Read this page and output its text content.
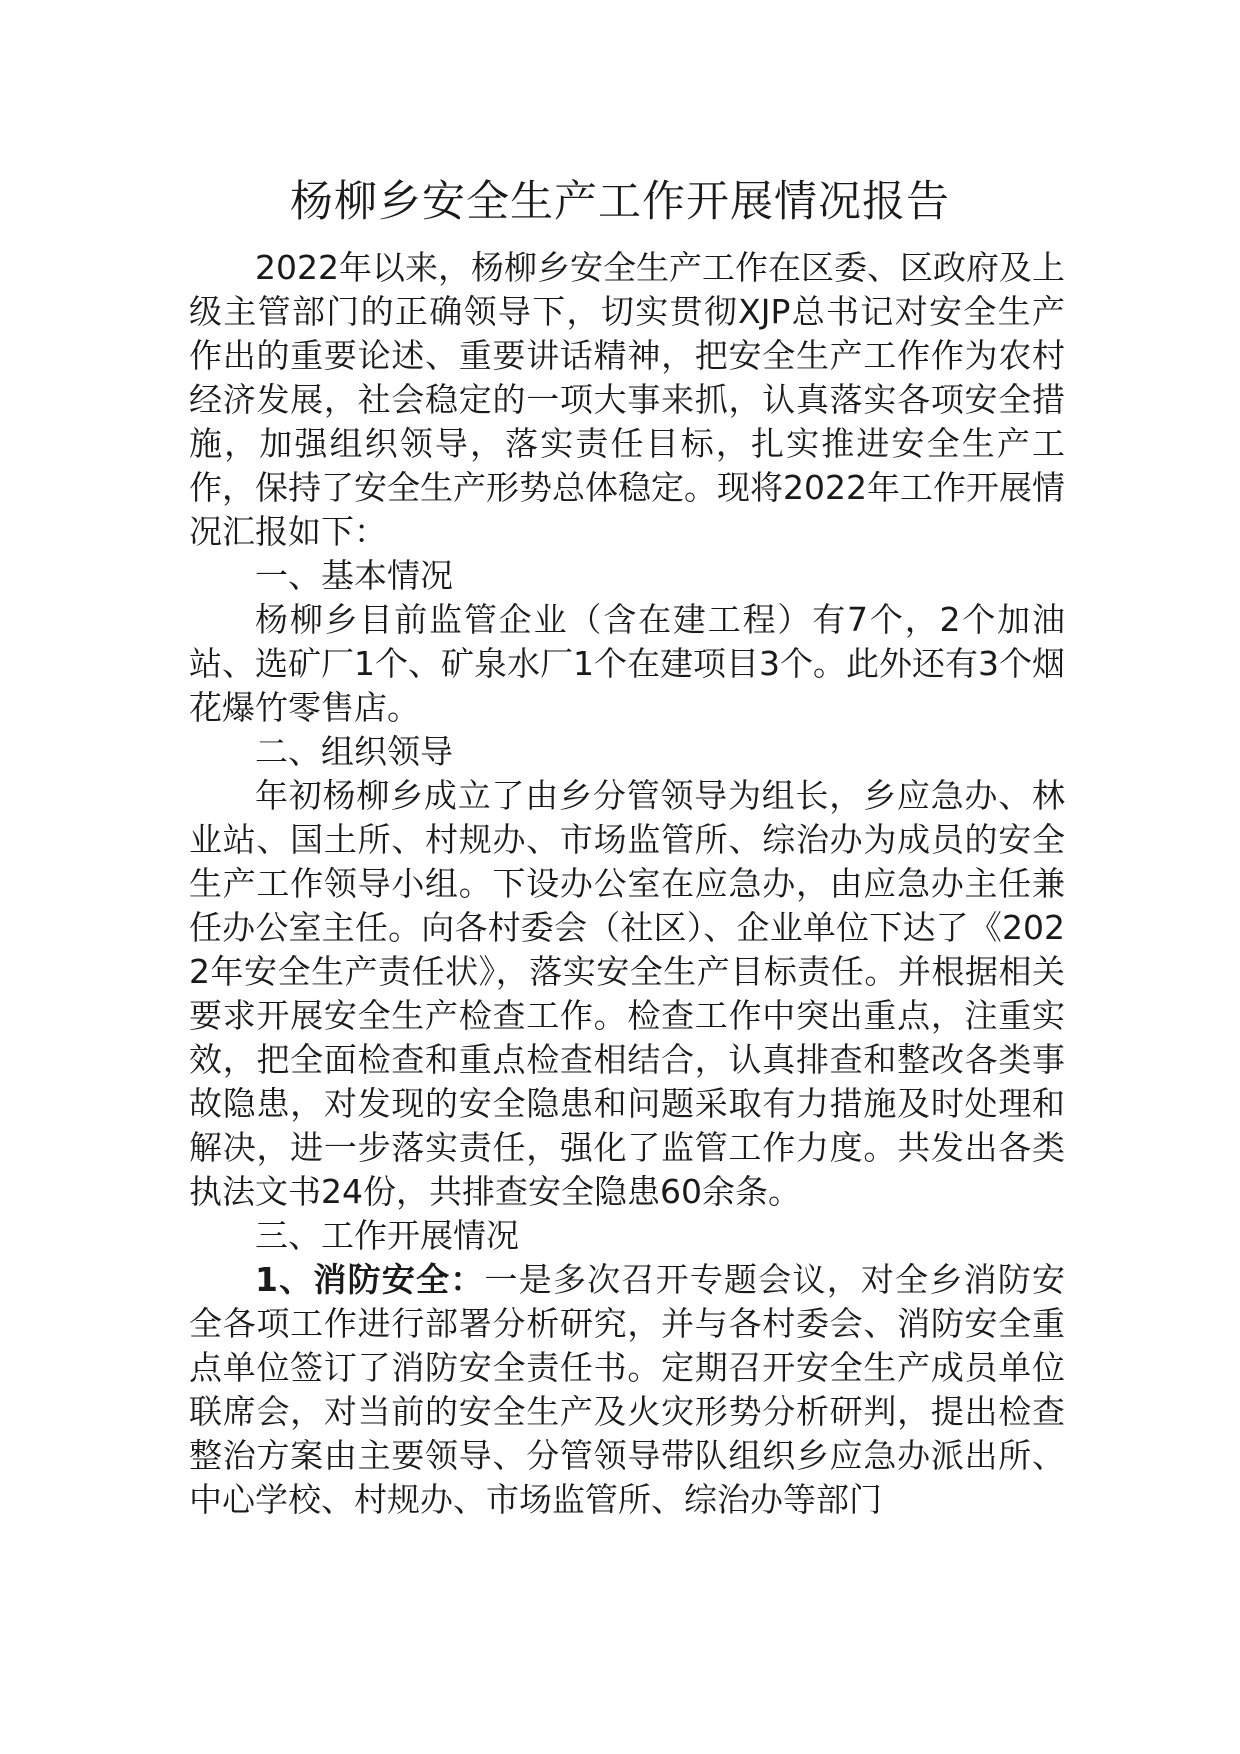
杨柳乡安全生产工作开展情况报告

2022年以来，杨柳乡安全生产工作在区委、区政府及上级主管部门的正确领导下，切实贯彻XJP总书记对安全生产作出的重要论述、重要讲话精神，把安全生产工作作为农村经济发展，社会稳定的一项大事来抓，认真落实各项安全措施，加强组织领导，落实责任目标，扎实推进安全生产工作，保持了安全生产形势总体稳定。现将2022年工作开展情况汇报如下：

一、基本情况

杨柳乡目前监管企业（含在建工程）有7个，2个加油站、选矿厂1个、矿泉水厂1个在建项目3个。此外还有3个烟花爆竹零售店。

二、组织领导

年初杨柳乡成立了由乡分管领导为组长，乡应急办、林业站、国土所、村规办、市场监管所、综治办为成员的安全生产工作领导小组。下设办公室在应急办，由应急办主任兼任办公室主任。向各村委会（社区）、企业单位下达了《2022年安全生产责任状》，落实安全生产目标责任。并根据相关要求开展安全生产检查工作。检查工作中突出重点，注重实效，把全面检查和重点检查相结合，认真排查和整改各类事故隐患，对发现的安全隐患和问题采取有力措施及时处理和解决，进一步落实责任，强化了监管工作力度。共发出各类执法文书24份，共排查安全隐患60余条。

三、工作开展情况

1、消防安全：一是多次召开专题会议，对全乡消防安全各项工作进行部署分析研究，并与各村委会、消防安全重点单位签订了消防安全责任书。定期召开安全生产成员单位联席会，对当前的安全生产及火灾形势分析研判，提出检查整治方案由主要领导、分管领导带队组织乡应急办派出所、中心学校、村规办、市场监管所、综治办等部门
